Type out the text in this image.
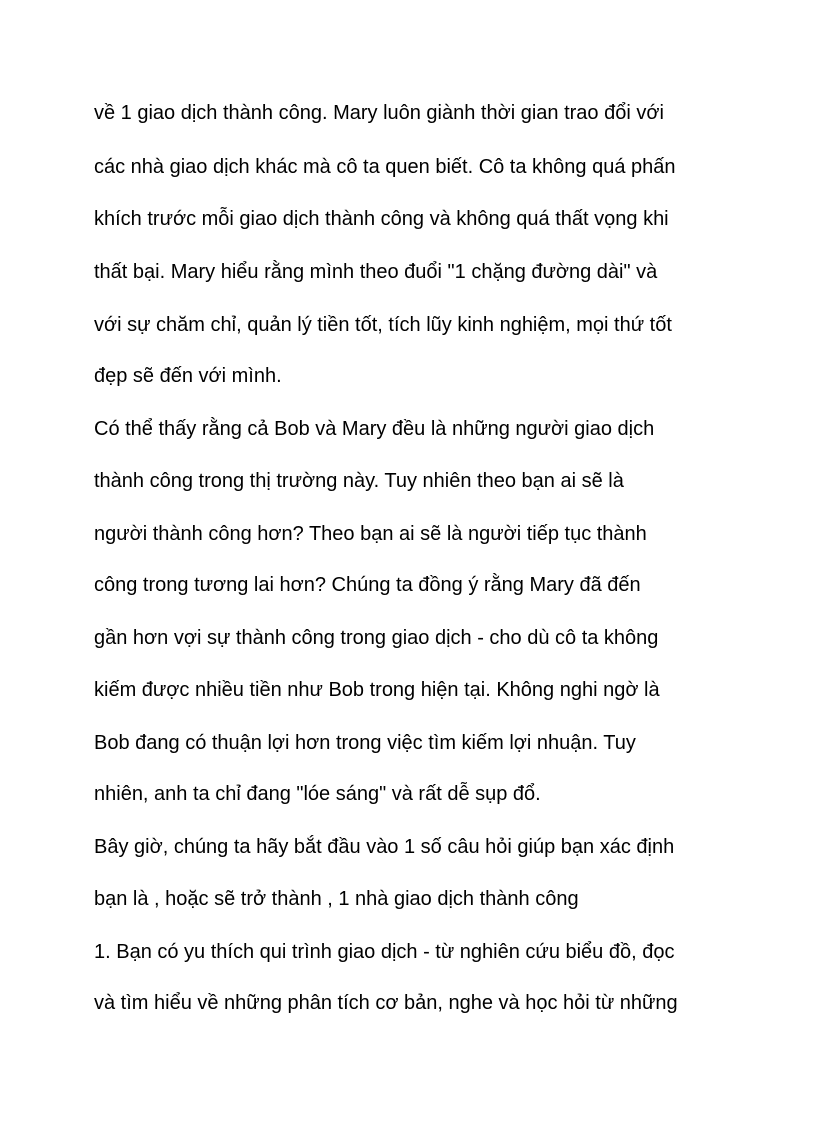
về 1 giao dịch thành công. Mary luôn giành thời gian trao đổi với
các nhà giao dịch khác mà cô ta quen biết. Cô ta không quá phấn
khích trước mỗi giao dịch thành công và không quá thất vọng khi
thất bại. Mary hiểu rằng mình theo đuổi "1 chặng đường dài" và
với sự chăm chỉ, quản lý tiền tốt, tích lũy kinh nghiệm, mọi thứ tốt
đẹp sẽ đến với mình.
Có thể thấy rằng cả Bob và Mary đều là những người giao dịch
thành công trong thị trường này. Tuy nhiên theo bạn ai sẽ là
người thành công hơn? Theo bạn ai sẽ là người tiếp tục thành
công trong tương lai hơn? Chúng ta đồng ý rằng Mary đã đến
gần hơn vợi sự thành công trong giao dịch - cho dù cô ta không
kiếm được nhiều tiền như Bob trong hiện tại. Không nghi ngờ là
Bob đang có thuận lợi hơn trong việc tìm kiếm lợi nhuận. Tuy
nhiên, anh ta chỉ đang "lóe sáng" và rất dễ sụp đổ.
Bây giờ, chúng ta hãy bắt đầu vào 1 số câu hỏi giúp bạn xác định
bạn là , hoặc sẽ trở thành , 1 nhà giao dịch thành công
1. Bạn có yu thích qui trình giao dịch - từ nghiên cứu biểu đồ, đọc
và tìm hiểu về những phân tích cơ bản, nghe và học hỏi từ những
